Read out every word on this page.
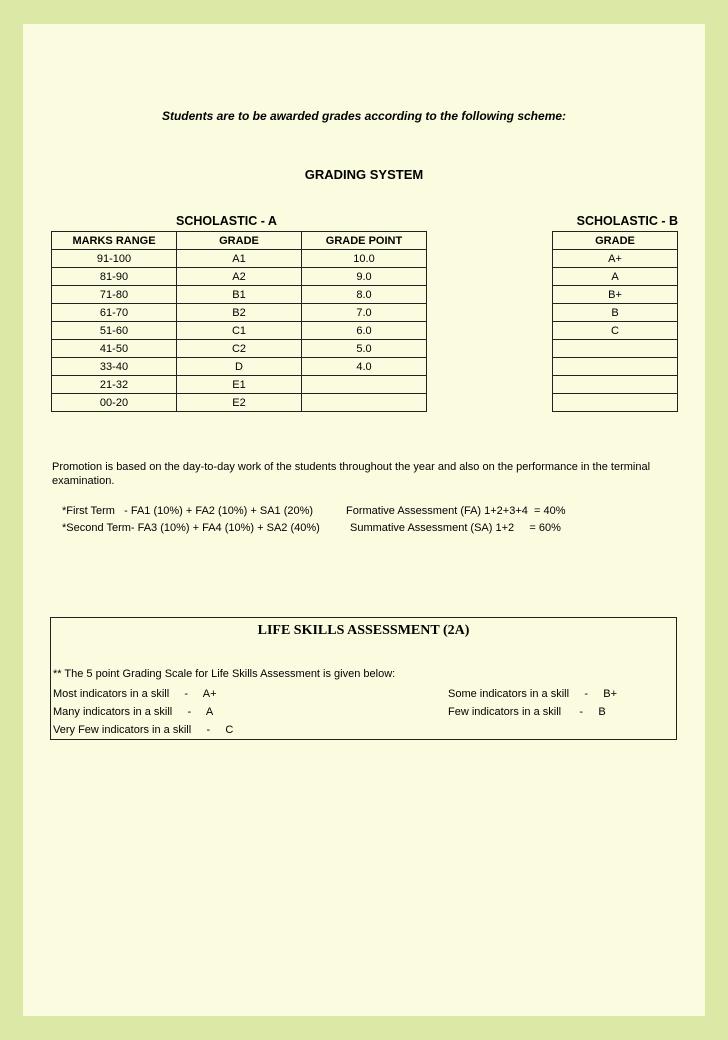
Students are to be awarded grades according to the following scheme:
GRADING SYSTEM
SCHOLASTIC - A	SCHOLASTIC - B
MARKS RANGE	GRADE	GRADE POINT
91-100	A1	10.0
81-90	A2	9.0
71-80	B1	8.0
61-70	B2	7.0
51-60	C1	6.0
41-50	C2	5.0
33-40	D	4.0
21-32	E1	
00-20	E2	
GRADE
A+
A
B+
B
C

Promotion is based on the day-to-day work of the students throughout the year and also on the performance in the terminal
examination.
*First Term   - FA1 (10%) + FA2 (10%) + SA1 (20%)	Formative Assessment (FA) 1+2+3+4  = 40%
*Second Term- FA3 (10%) + FA4 (10%) + SA2 (40%)	Summative Assessment (SA) 1+2     = 60%
LIFE SKILLS ASSESSMENT (2A)
** The 5 point Grading Scale for Life Skills Assessment is given below:
Most indicators in a skill     -     A+	Some indicators in a skill     -     B+
Many indicators in a skill     -     A	Few indicators in a skill      -     B
Very Few indicators in a skill     -     C
